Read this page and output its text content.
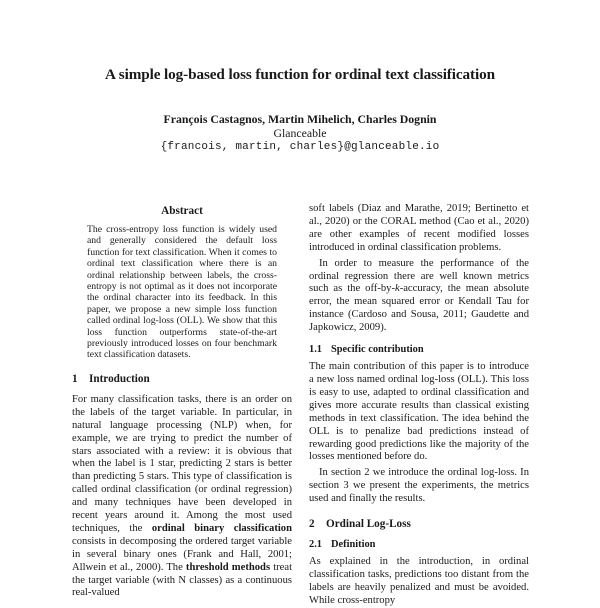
A simple log-based loss function for ordinal text classification
François Castagnos, Martin Mihelich, Charles Dognin
Glanceable
{francois, martin, charles}@glanceable.io
Abstract

The cross-entropy loss function is widely used and generally considered the default loss function for text classification. When it comes to ordinal text classification where there is an ordinal relationship between labels, the cross-entropy is not optimal as it does not incorporate the ordinal character into its feedback. In this paper, we propose a new simple loss function called ordinal log-loss (OLL). We show that this loss function outperforms state-of-the-art previously introduced losses on four benchmark text classification datasets.

1 Introduction

For many classification tasks, there is an order on the labels of the target variable. In particular, in natural language processing (NLP) when, for example, we are trying to predict the number of stars associated with a review: it is obvious that when the label is 1 star, predicting 2 stars is better than predicting 5 stars. This type of classification is called ordinal classification (or ordinal regression) and many techniques have been developed in recent years around it. Among the most used techniques, the ordinal binary classification consists in decomposing the ordered target variable in several binary ones (Frank and Hall, 2001; Allwein et al., 2000). The threshold methods treat the target variable (with N classes) as a continuous real-valued

soft labels (Diaz and Marathe, 2019; Bertinetto et al., 2020) or the CORAL method (Cao et al., 2020) are other examples of recent modified losses introduced in ordinal classification problems.

In order to measure the performance of the ordinal regression there are well known metrics such as the off-by-k-accuracy, the mean absolute error, the mean squared error or Kendall Tau for instance (Cardoso and Sousa, 2011; Gaudette and Japkowicz, 2009).

1.1 Specific contribution

The main contribution of this paper is to introduce a new loss named ordinal log-loss (OLL). This loss is easy to use, adapted to ordinal classification and gives more accurate results than classical existing methods in text classification. The idea behind the OLL is to penalize bad predictions instead of rewarding good predictions like the majority of the losses mentioned before do.

In section 2 we introduce the ordinal log-loss. In section 3 we present the experiments, the metrics used and finally the results.

2 Ordinal Log-Loss
2.1 Definition

As explained in the introduction, in ordinal classification tasks, predictions too distant from the labels are heavily penalized and must be avoided. While cross-entropy
